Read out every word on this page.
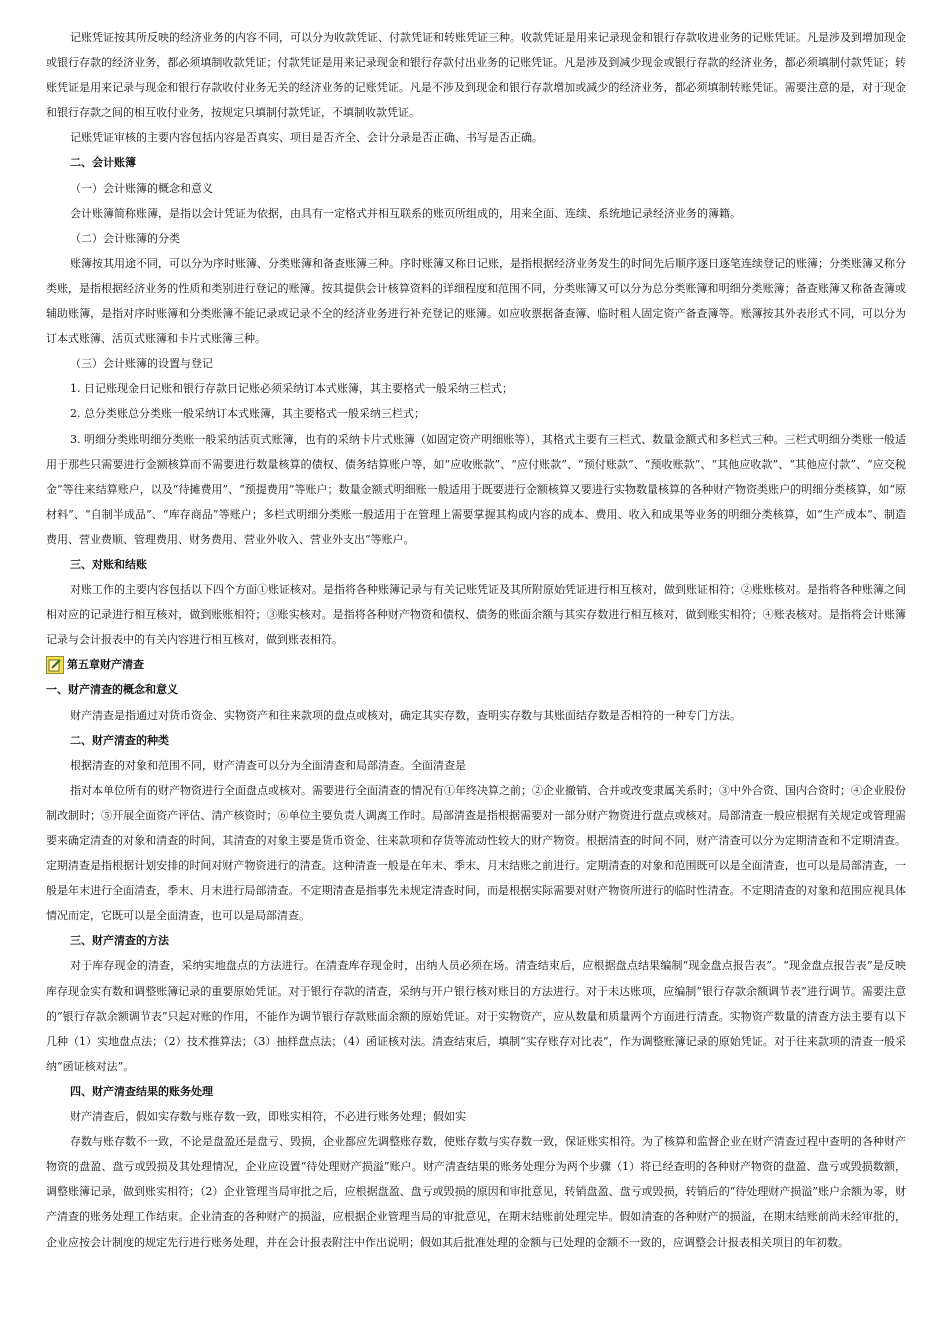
记账凭证按其所反映的经济业务的内容不同，可以分为收款凭证、付款凭证和转账凭证三种。收款凭证是用来记录现金和银行存款收进业务的记账凭证。凡是涉及到增加现金或银行存款的经济业务，都必须填制收款凭证；付款凭证是用来记录现金和银行存款付出业务的记账凭证。凡是涉及到减少现金或银行存款的经济业务，都必须填制付款凭证；转账凭证是用来记录与现金和银行存款收付业务无关的经济业务的记账凭证。凡是不涉及到现金和银行存款增加或减少的经济业务，都必须填制转账凭证。需要注意的是，对于现金和银行存款之间的相互收付业务，按规定只填制付款凭证，不填制收款凭证。

记账凭证审核的主要内容包括内容是否真实、项目是否齐全、会计分录是否正确、书写是否正确。

二、会计账簿

（一）会计账簿的概念和意义

会计账簿简称账簿，是指以会计凭证为依据，由具有一定格式并相互联系的账页所组成的，用来全面、连续、系统地记录经济业务的簿籍。

（二）会计账簿的分类

账簿按其用途不同，可以分为序时账簿、分类账簿和备查账簿三种。序时账簿又称日记账，是指根据经济业务发生的时间先后顺序逐日逐笔连续登记的账簿；分类账簿又称分类账，是指根据经济业务的性质和类别进行登记的账簿。按其提供会计核算资料的详细程度和范围不同，分类账簿又可以分为总分类账簿和明细分类账簿；备查账簿又称备查簿或辅助账簿，是指对序时账簿和分类账簿不能记录或记录不全的经济业务进行补充登记的账簿。如应收票据备查簿、临时租人固定资产备查簿等。账簿按其外表形式不同，可以分为订本式账簿、活页式账簿和卡片式账簿三种。

（三）会计账簿的设置与登记

1. 日记账现金日记账和银行存款日记账必须采纳订本式账簿，其主要格式一般采纳三栏式；

2. 总分类账总分类账一般采纳订本式账簿，其主要格式一般采纳三栏式；

3. 明细分类账明细分类账一般采纳活页式账簿，也有的采纳卡片式账簿（如固定资产明细账等），其格式主要有三栏式、数量金额式和多栏式三种。三栏式明细分类账一般适用于那些只需要进行金额核算而不需要进行数量核算的债权、债务结算账户等，如“应收账款”、“应付账款”、“预付账款”、“预收账款”、“其他应收款”、“其他应付款”、“应交税金”等往来结算账户，以及“待摊费用”、“预提费用”等账户；数量金额式明细账一般适用于既要进行金额核算又要进行实物数量核算的各种财产物资类账户的明细分类核算，如“原材料”、“自制半成品”、“库存商品”等账户；多栏式明细分类账一般适用于在管理上需要掌握其构成内容的成本、费用、收入和成果等业务的明细分类核算，如“生产成本”、制造费用、营业费顺、管理费用、财务费用、营业外收入、营业外支出”等账户。

三、对账和结账

对账工作的主要内容包括以下四个方面①账证核对。是指将各种账簿记录与有关记账凭证及其所附原始凭证进行相互核对，做到账证相符；②账账核对。是指将各种账簿之间相对应的记录进行相互核对，做到账账相符；③账实核对。是指将各种财产物资和债权、债务的账面余额与其实存数进行相互核对，做到账实相符；④账表核对。是指将会计账簿记录与会计报表中的有关内容进行相互核对，做到账表相符。

第五章财产清查

一、财产清查的概念和意义

财产清查是指通过对货币资金、实物资产和往来款项的盘点或核对，确定其实存数，查明实存数与其账面结存数是否相符的一种专门方法。

二、财产清查的种类

根据清查的对象和范围不同，财产清查可以分为全面清查和局部清查。全面清查是

指对本单位所有的财产物资进行全面盘点或核对。需要进行全面清查的情况有①年终决算之前；②企业撤销、合并或改变隶属关系时；③中外合资、国内合资时；④企业股份制改制时；⑤开展全面资产评估、清产核资时；⑥单位主要负责人调离工作时。局部清查是指根据需要对一部分财产物资进行盘点或核对。局部清查一般应根据有关规定或管理需要来确定清查的对象和清查的时间，其清查的对象主要是货币资金、往来款项和存货等流动性较大的财产物资。根据清查的时间不同，财产清查可以分为定期清查和不定期清查。定期清查是指根据计划安排的时间对财产物资进行的清查。这种清查一般是在年末、季末、月末结账之前进行。定期清查的对象和范围既可以是全面清查，也可以是局部清查，一般是年末进行全面清查，季末、月末进行局部清查。不定期清查是指事先未规定清查时间，而是根据实际需要对财产物资所进行的临时性清查。不定期清查的对象和范围应视具体情况而定，它既可以是全面清查，也可以是局部清查。

三、财产清查的方法

对于库存现金的清查，采纳实地盘点的方法进行。在清查库存现金时，出纳人员必须在场。清查结束后，应根据盘点结果编制“现金盘点报告表”。“现金盘点报告表”是反映库存现金实有数和调整账簿记录的重要原始凭证。对于银行存款的清查，采纳与开户银行核对账目的方法进行。对于未达账项，应编制“银行存款余额调节表”进行调节。需要注意的“银行存款余额调节表”只起对账的作用，不能作为调节银行存款账面余额的原始凭证。对于实物资产，应从数量和质量两个方面进行清查。实物资产数量的清查方法主要有以下几种（1）实地盘点法；（2）技术推算法；（3）抽样盘点法；（4）函证核对法。清查结束后，填制“实存账存对比表”，作为调整账簿记录的原始凭证。对于往来款项的清查一般采纳“函证核对法”。

四、财产清查结果的账务处理

财产清查后，假如实存数与账存数一致，即账实相符，不必进行账务处理；假如实

存数与账存数不一致，不论是盘盈还是盘亏、毁损，企业都应先调整账存数，使账存数与实存数一致，保证账实相符。为了核算和监督企业在财产清查过程中查明的各种财产物资的盘盈、盘亏或毁损及其处理情况，企业应设置“待处理财产损溢”账户。财产清查结果的账务处理分为两个步骤（1）将已经查明的各种财产物资的盘盈、盘亏或毁损数额，调整账簿记录，做到账实相符；（2）企业管理当局审批之后，应根据盘盈、盘亏或毁损的原因和审批意见，转销盘盈、盘亏或毁损，转销后的“待处理财产损溢”账户余额为零，财产清查的账务处理工作结束。企业清查的各种财产的损溢，应根据企业管理当局的审批意见，在期末结账前处理完毕。假如清查的各种财产的损溢，在期末结账前尚未经审批的，企业应按会计制度的规定先行进行账务处理，并在会计报表附注中作出说明；假如其后批准处理的金额与已处理的金额不一致的，应调整会计报表相关项目的年初数。
